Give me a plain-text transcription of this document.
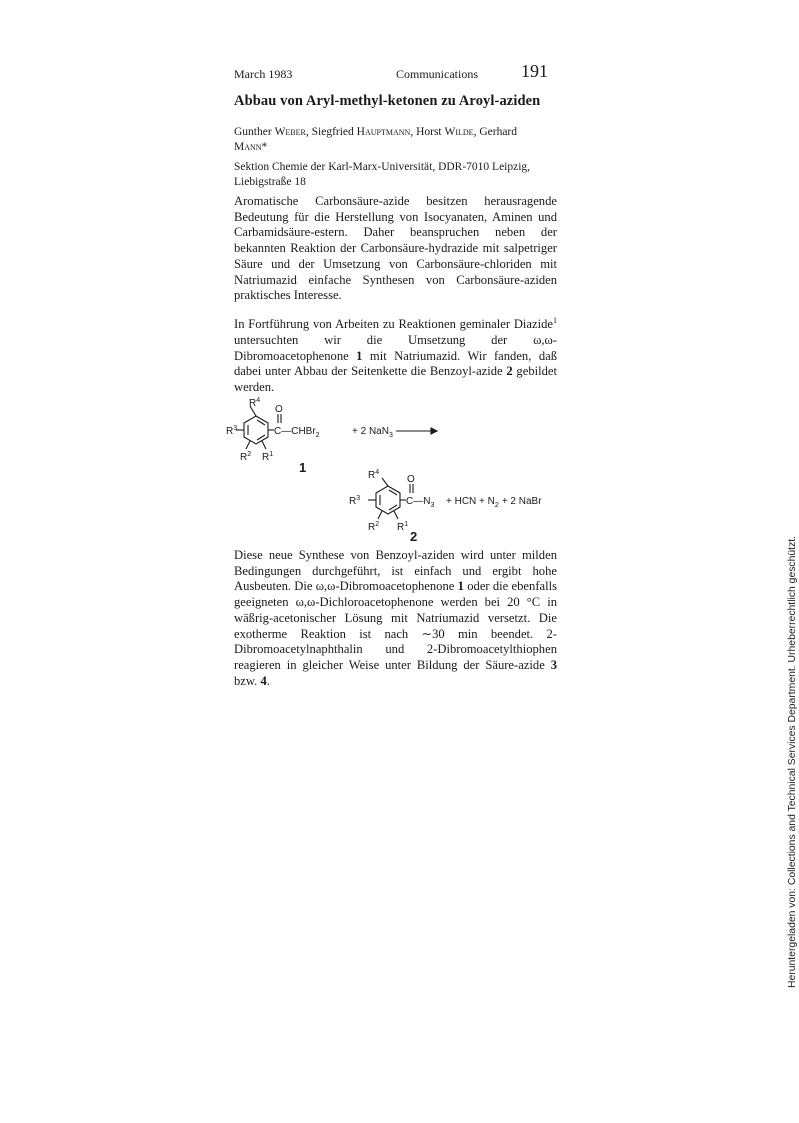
March 1983	Communications 191
Abbau von Aryl-methyl-ketonen zu Aroyl-aziden
Gunther Weber, Siegfried Hauptmann, Horst Wilde, Gerhard
Mann*
Sektion Chemie der Karl-Marx-Universität, DDR-7010 Leipzig, Liebigstraße 18
Aromatische Carbonsäure-azide besitzen herausragende Bedeutung für die Herstellung von Isocyanaten, Aminen und Carbamidsäure-estern. Daher beanspruchen neben der bekannten Reaktion der Carbonsäure-hydrazide mit salpetriger Säure und der Umsetzung von Carbonsäure-chloriden mit Natriumazid einfache Synthesen von Carbonsäure-aziden praktisches Interesse.
In Fortführung von Arbeiten zu Reaktionen geminaler Diazide$^1$ untersuchten wir die Umsetzung der ω,ω-Dibromoacetophenone 1 mit Natriumazid. Wir fanden, daß dabei unter Abbau der Seitenkette die Benzoyl-azide 2 gebildet werden.
$R^4$
$R^3$
$R^2$ $R^1$
O
C—CHBr$_2$	+ 2 NaN$_3$
1
$R^4$
$R^3$
$R^2$ $R^1$
O
$C—N_3$ + HCN + $N_2 + 2$ NaBr
2
Diese neue Synthese von Benzoyl-aziden wird unter milden Bedingungen durchgeführt, ist einfach und ergibt hohe Ausbeuten. Die ω,ω-Dibromoacetophenone 1 oder die ebenfalls geeigneten ω,ω-Dichloroacetophenone werden bei 20 °C in wäßrig-acetonischer Lösung mit Natriumazid versetzt. Die exotherme Reaktion ist nach ∼30 min beendet. 2-Dibromoacetylnaphthalin und 2-Dibromoacetylthiophen reagieren in gleicher Weise unter Bildung der Säure-azide 3 bzw. 4.	Heruntergeladen von: Collections and Technical Services Department. Urheberrechtlich geschützt.
